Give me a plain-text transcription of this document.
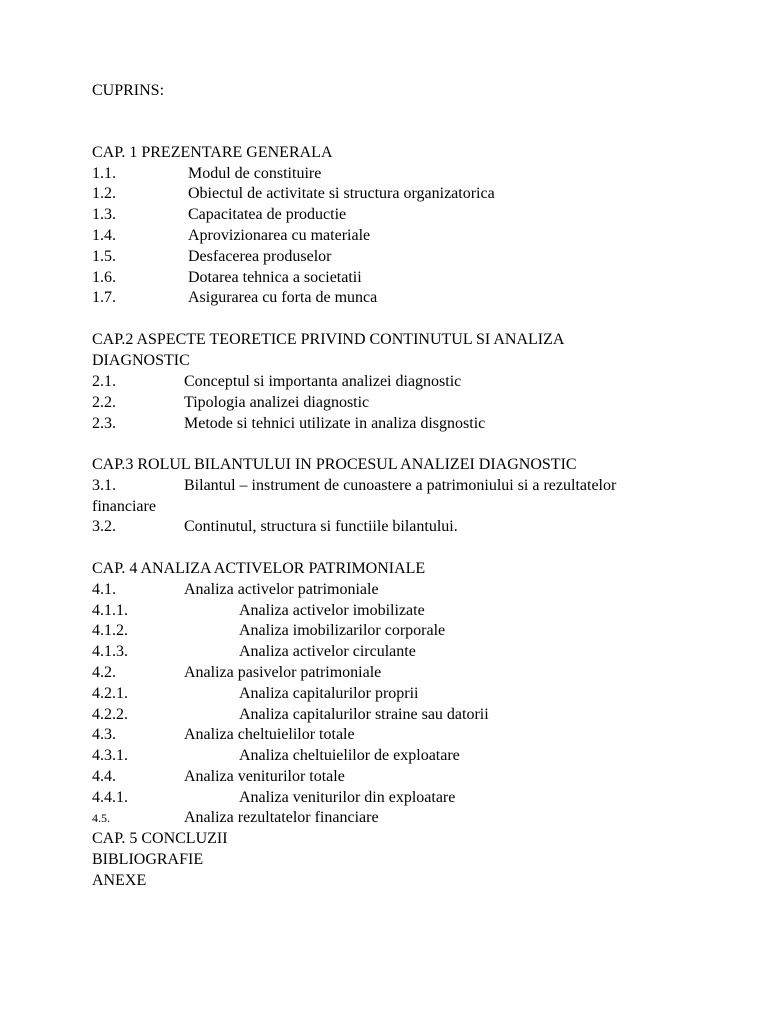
CUPRINS:
CAP. 1 PREZENTARE GENERALA
1.1.	Modul de constituire
1.2.	Obiectul de activitate si structura organizatorica
1.3.	Capacitatea de productie
1.4.	Aprovizionarea cu materiale
1.5.	Desfacerea produselor
1.6.	Dotarea tehnica a societatii
1.7.	Asigurarea cu forta de munca
CAP.2 ASPECTE TEORETICE PRIVIND CONTINUTUL SI ANALIZA
DIAGNOSTIC
2.1.	Conceptul si importanta analizei diagnostic
2.2.	Tipologia analizei diagnostic
2.3.	Metode si tehnici utilizate in analiza disgnostic
CAP.3 ROLUL BILANTULUI IN PROCESUL ANALIZEI DIAGNOSTIC
3.1.	Bilantul – instrument de cunoastere a patrimoniului si a rezultatelor
financiare
3.2.	Continutul, structura si functiile bilantului.
CAP. 4 ANALIZA ACTIVELOR PATRIMONIALE
4.1.	Analiza activelor patrimoniale
4.1.1.	Analiza activelor imobilizate
4.1.2.	Analiza imobilizarilor corporale
4.1.3.	Analiza activelor circulante
4.2.	Analiza pasivelor patrimoniale
4.2.1.	Analiza capitalurilor proprii
4.2.2.	Analiza capitalurilor straine sau datorii
4.3.	Analiza cheltuielilor totale
4.3.1.	Analiza cheltuielilor de exploatare
4.4.	Analiza veniturilor totale
4.4.1.	Analiza veniturilor din exploatare
4.5.	Analiza rezultatelor financiare
CAP. 5 CONCLUZII
BIBLIOGRAFIE
ANEXE
